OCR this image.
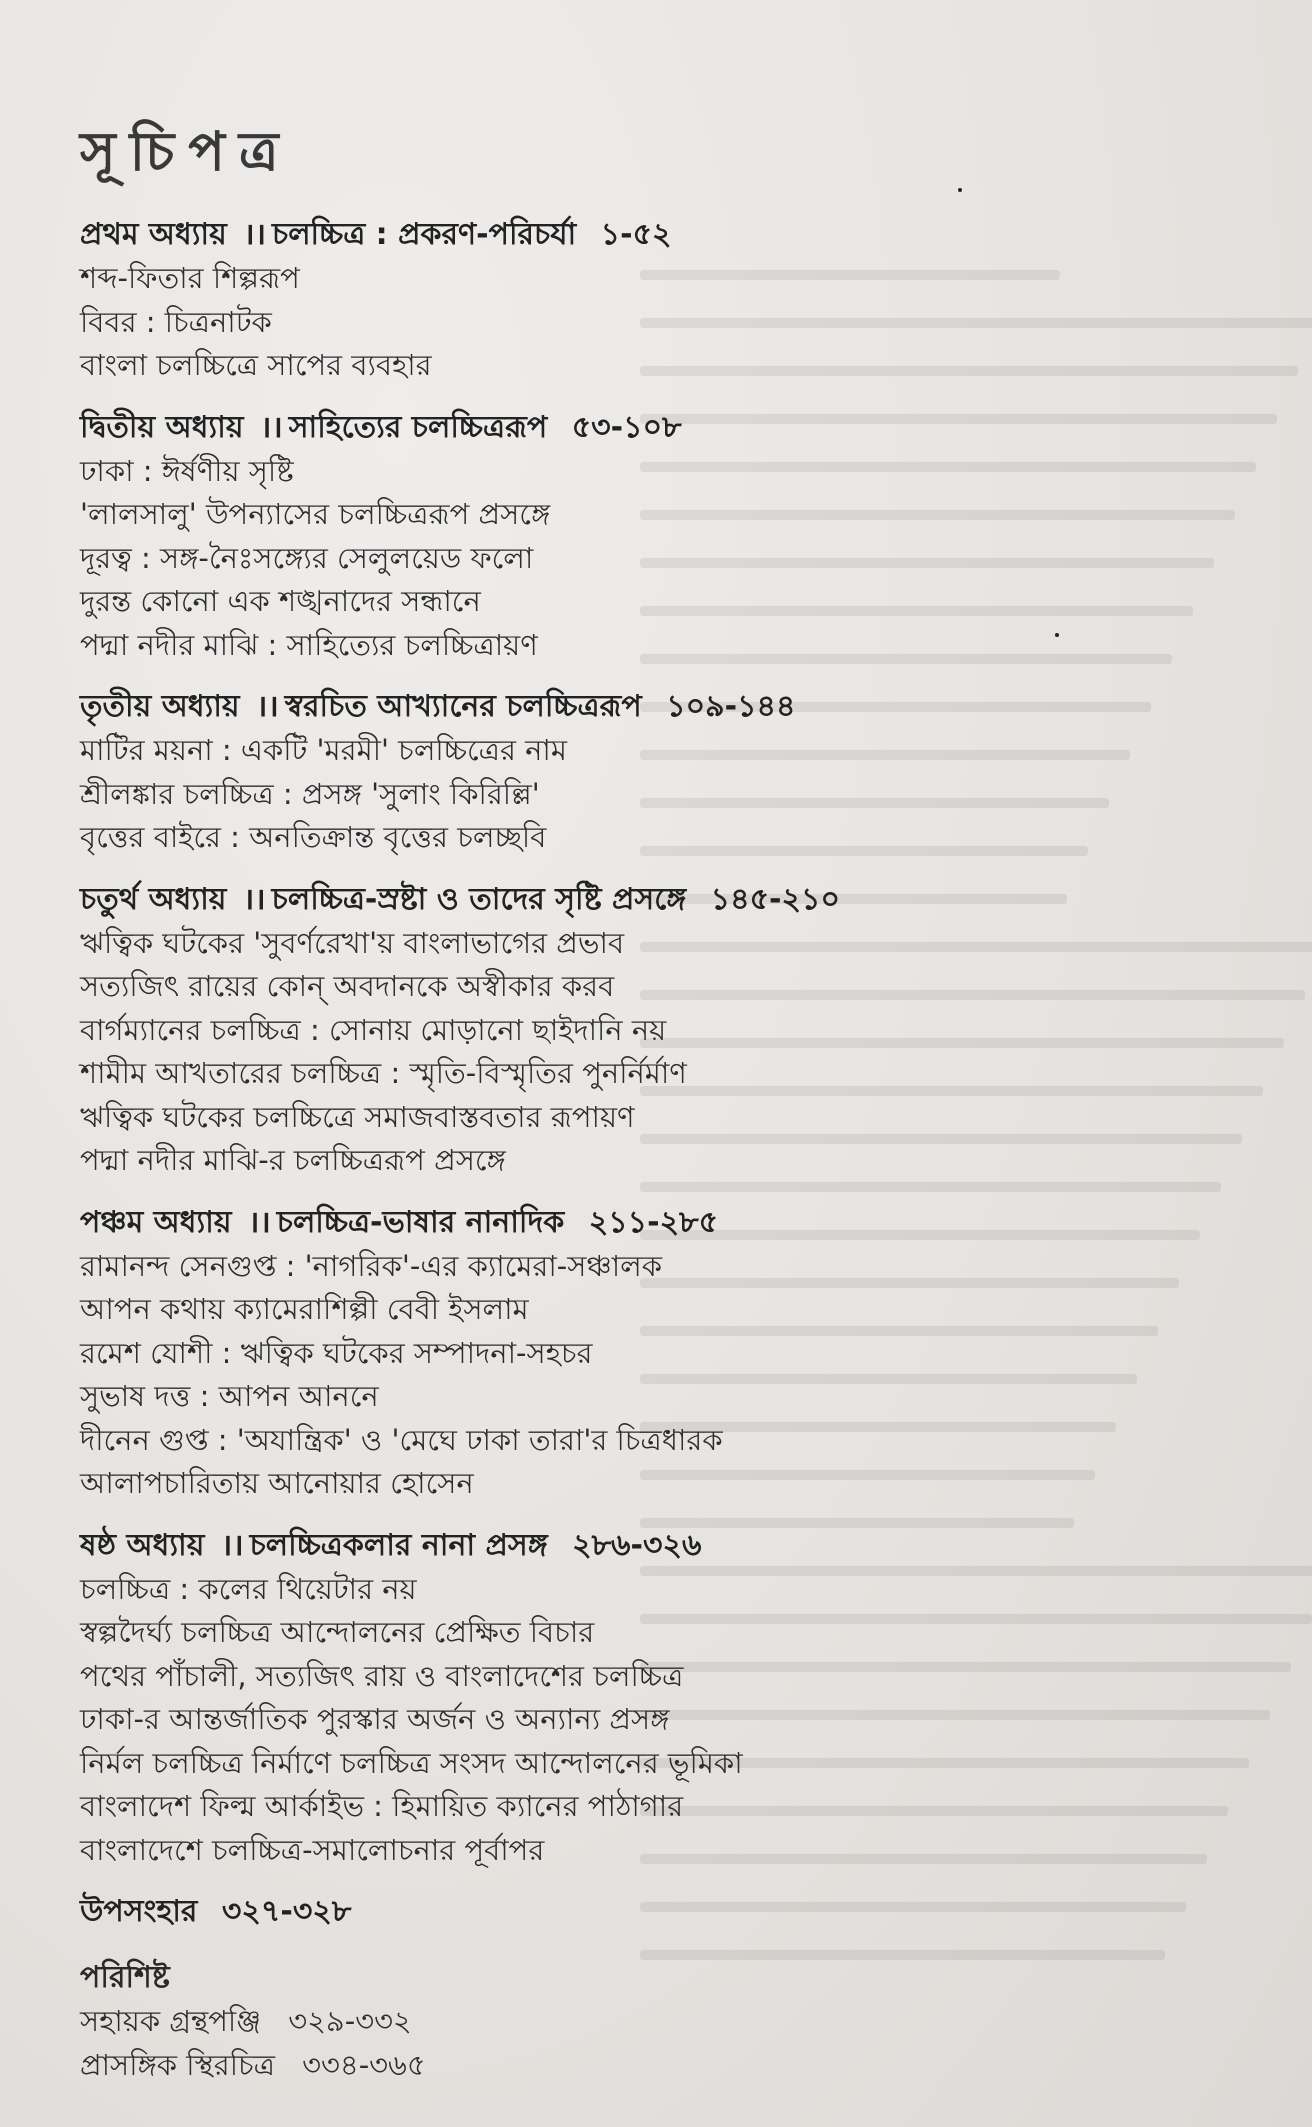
সূচিপত্র
প্রথম অধ্যায় ।। চলচ্চিত্র : প্রকরণ-পরিচর্যা ১-৫২
শব্দ-ফিতার শিল্পরূপ
বিবর : চিত্রনাটক
বাংলা চলচ্চিত্রে সাপের ব্যবহার
দ্বিতীয় অধ্যায় ।। সাহিত্যের চলচ্চিত্ররূপ ৫৩-১০৮
ঢাকা : ঈর্ষণীয় সৃষ্টি
'লালসালু' উপন্যাসের চলচ্চিত্ররূপ প্রসঙ্গে
দূরত্ব : সঙ্গ-নৈঃসঙ্গ্যের সেলুলয়েড ফলো
দুরন্ত কোনো এক শঙ্খনাদের সন্ধানে
পদ্মা নদীর মাঝি : সাহিত্যের চলচ্চিত্রায়ণ
তৃতীয় অধ্যায় ।। স্বরচিত আখ্যানের চলচ্চিত্ররূপ ১০৯-১৪৪
মাটির ময়না : একটি 'মরমী' চলচ্চিত্রের নাম
শ্রীলঙ্কার চলচ্চিত্র : প্রসঙ্গ 'সুলাং কিরিল্লি'
বৃত্তের বাইরে : অনতিক্রান্ত বৃত্তের চলচ্ছবি
চতুর্থ অধ্যায় ।। চলচ্চিত্র-স্রষ্টা ও তাদের সৃষ্টি প্রসঙ্গে ১৪৫-২১০
ঋত্বিক ঘটকের 'সুবর্ণরেখা'য় বাংলাভাগের প্রভাব
সত্যজিৎ রায়ের কোন্ অবদানকে অস্বীকার করব
বার্গম্যানের চলচ্চিত্র : সোনায় মোড়ানো ছাইদানি নয়
শামীম আখতারের চলচ্চিত্র : স্মৃতি-বিস্মৃতির পুনর্নির্মাণ
ঋত্বিক ঘটকের চলচ্চিত্রে সমাজবাস্তবতার রূপায়ণ
পদ্মা নদীর মাঝি-র চলচ্চিত্ররূপ প্রসঙ্গে
পঞ্চম অধ্যায় ।। চলচ্চিত্র-ভাষার নানাদিক ২১১-২৮৫
রামানন্দ সেনগুপ্ত : 'নাগরিক'-এর ক্যামেরা-সঞ্চালক
আপন কথায় ক্যামেরাশিল্পী বেবী ইসলাম
রমেশ যোশী : ঋত্বিক ঘটকের সম্পাদনা-সহচর
সুভাষ দত্ত : আপন আননে
দীনেন গুপ্ত : 'অযান্ত্রিক' ও 'মেঘে ঢাকা তারা'র চিত্রধারক
আলাপচারিতায় আনোয়ার হোসেন
ষষ্ঠ অধ্যায় ।। চলচ্চিত্রকলার নানা প্রসঙ্গ ২৮৬-৩২৬
চলচ্চিত্র : কলের থিয়েটার নয়
স্বল্পদৈর্ঘ্য চলচ্চিত্র আন্দোলনের প্রেক্ষিত বিচার
পথের পাঁচালী, সত্যজিৎ রায় ও বাংলাদেশের চলচ্চিত্র
ঢাকা-র আন্তর্জাতিক পুরস্কার অর্জন ও অন্যান্য প্রসঙ্গ
নির্মল চলচ্চিত্র নির্মাণে চলচ্চিত্র সংসদ আন্দোলনের ভূমিকা
বাংলাদেশ ফিল্ম আর্কাইভ : হিমায়িত ক্যানের পাঠাগার
বাংলাদেশে চলচ্চিত্র-সমালোচনার পূর্বাপর
উপসংহার ৩২৭-৩২৮
পরিশিষ্ট
সহায়ক গ্রন্থপঞ্জি ৩২৯-৩৩২
প্রাসঙ্গিক স্থিরচিত্র ৩৩৪-৩৬৫
